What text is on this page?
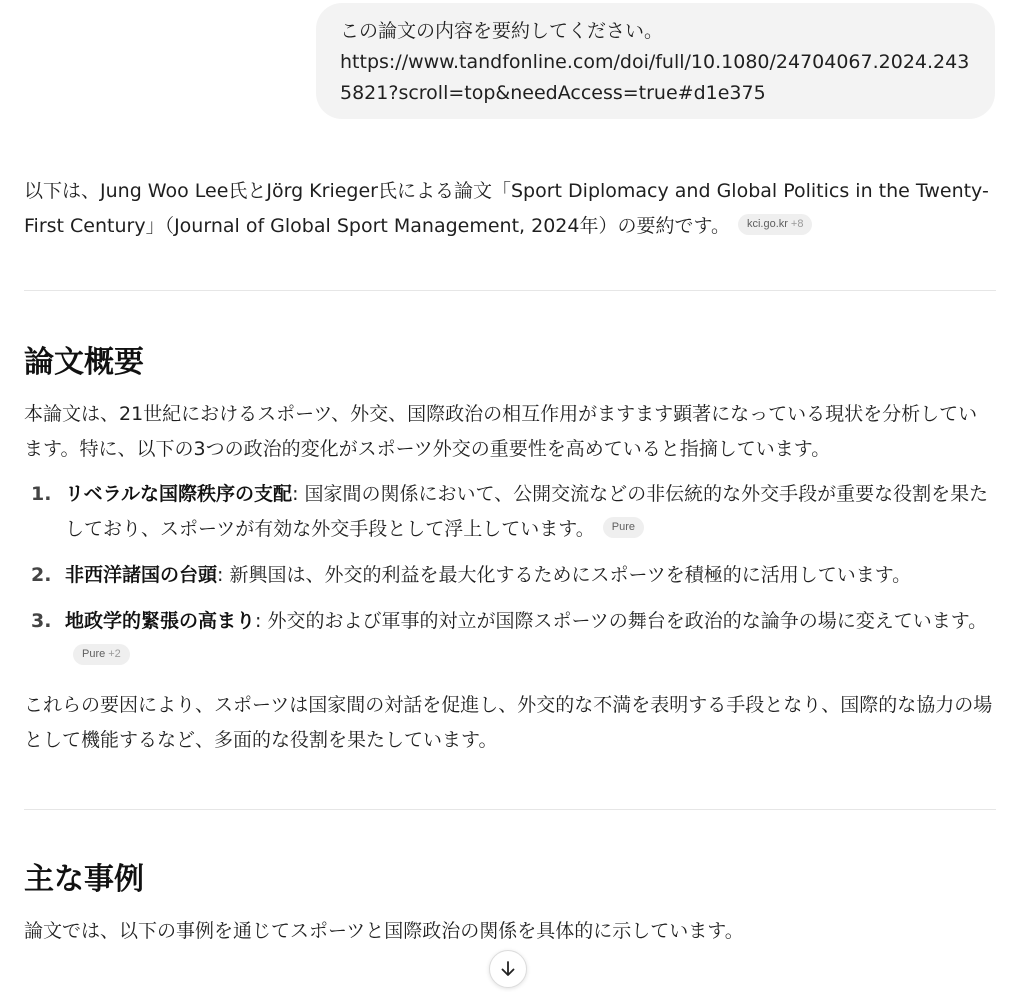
この論文の内容を要約してください。

https://www.tandfonline.com/doi/full/10.1080/24704067.2024.2435821?scroll=top&needAccess=true#d1e375

以下は、Jung Woo Lee氏とJörg Krieger氏による論文「Sport Diplomacy and Global Politics in the Twenty-First Century」（Journal of Global Sport Management, 2024年）の要約です。 kci.go.kr +8

論文概要

本論文は、21世紀におけるスポーツ、外交、国際政治の相互作用がますます顕著になっている現状を分析しています。特に、以下の3つの政治的変化がスポーツ外交の重要性を高めていると指摘しています。

1. リベラルな国際秩序の支配: 国家間の関係において、公開交流などの非伝統的な外交手段が重要な役割を果たしており、スポーツが有効な外交手段として浮上しています。 Pure
2. 非西洋諸国の台頭: 新興国は、外交的利益を最大化するためにスポーツを積極的に活用しています。
3. 地政学的緊張の高まり: 外交的および軍事的対立が国際スポーツの舞台を政治的な論争の場に変えています。Pure +2

これらの要因により、スポーツは国家間の対話を促進し、外交的な不満を表明する手段となり、国際的な協力の場として機能するなど、多面的な役割を果たしています。

主な事例

論文では、以下の事例を通じてスポーツと国際政治の関係を具体的に示しています。
